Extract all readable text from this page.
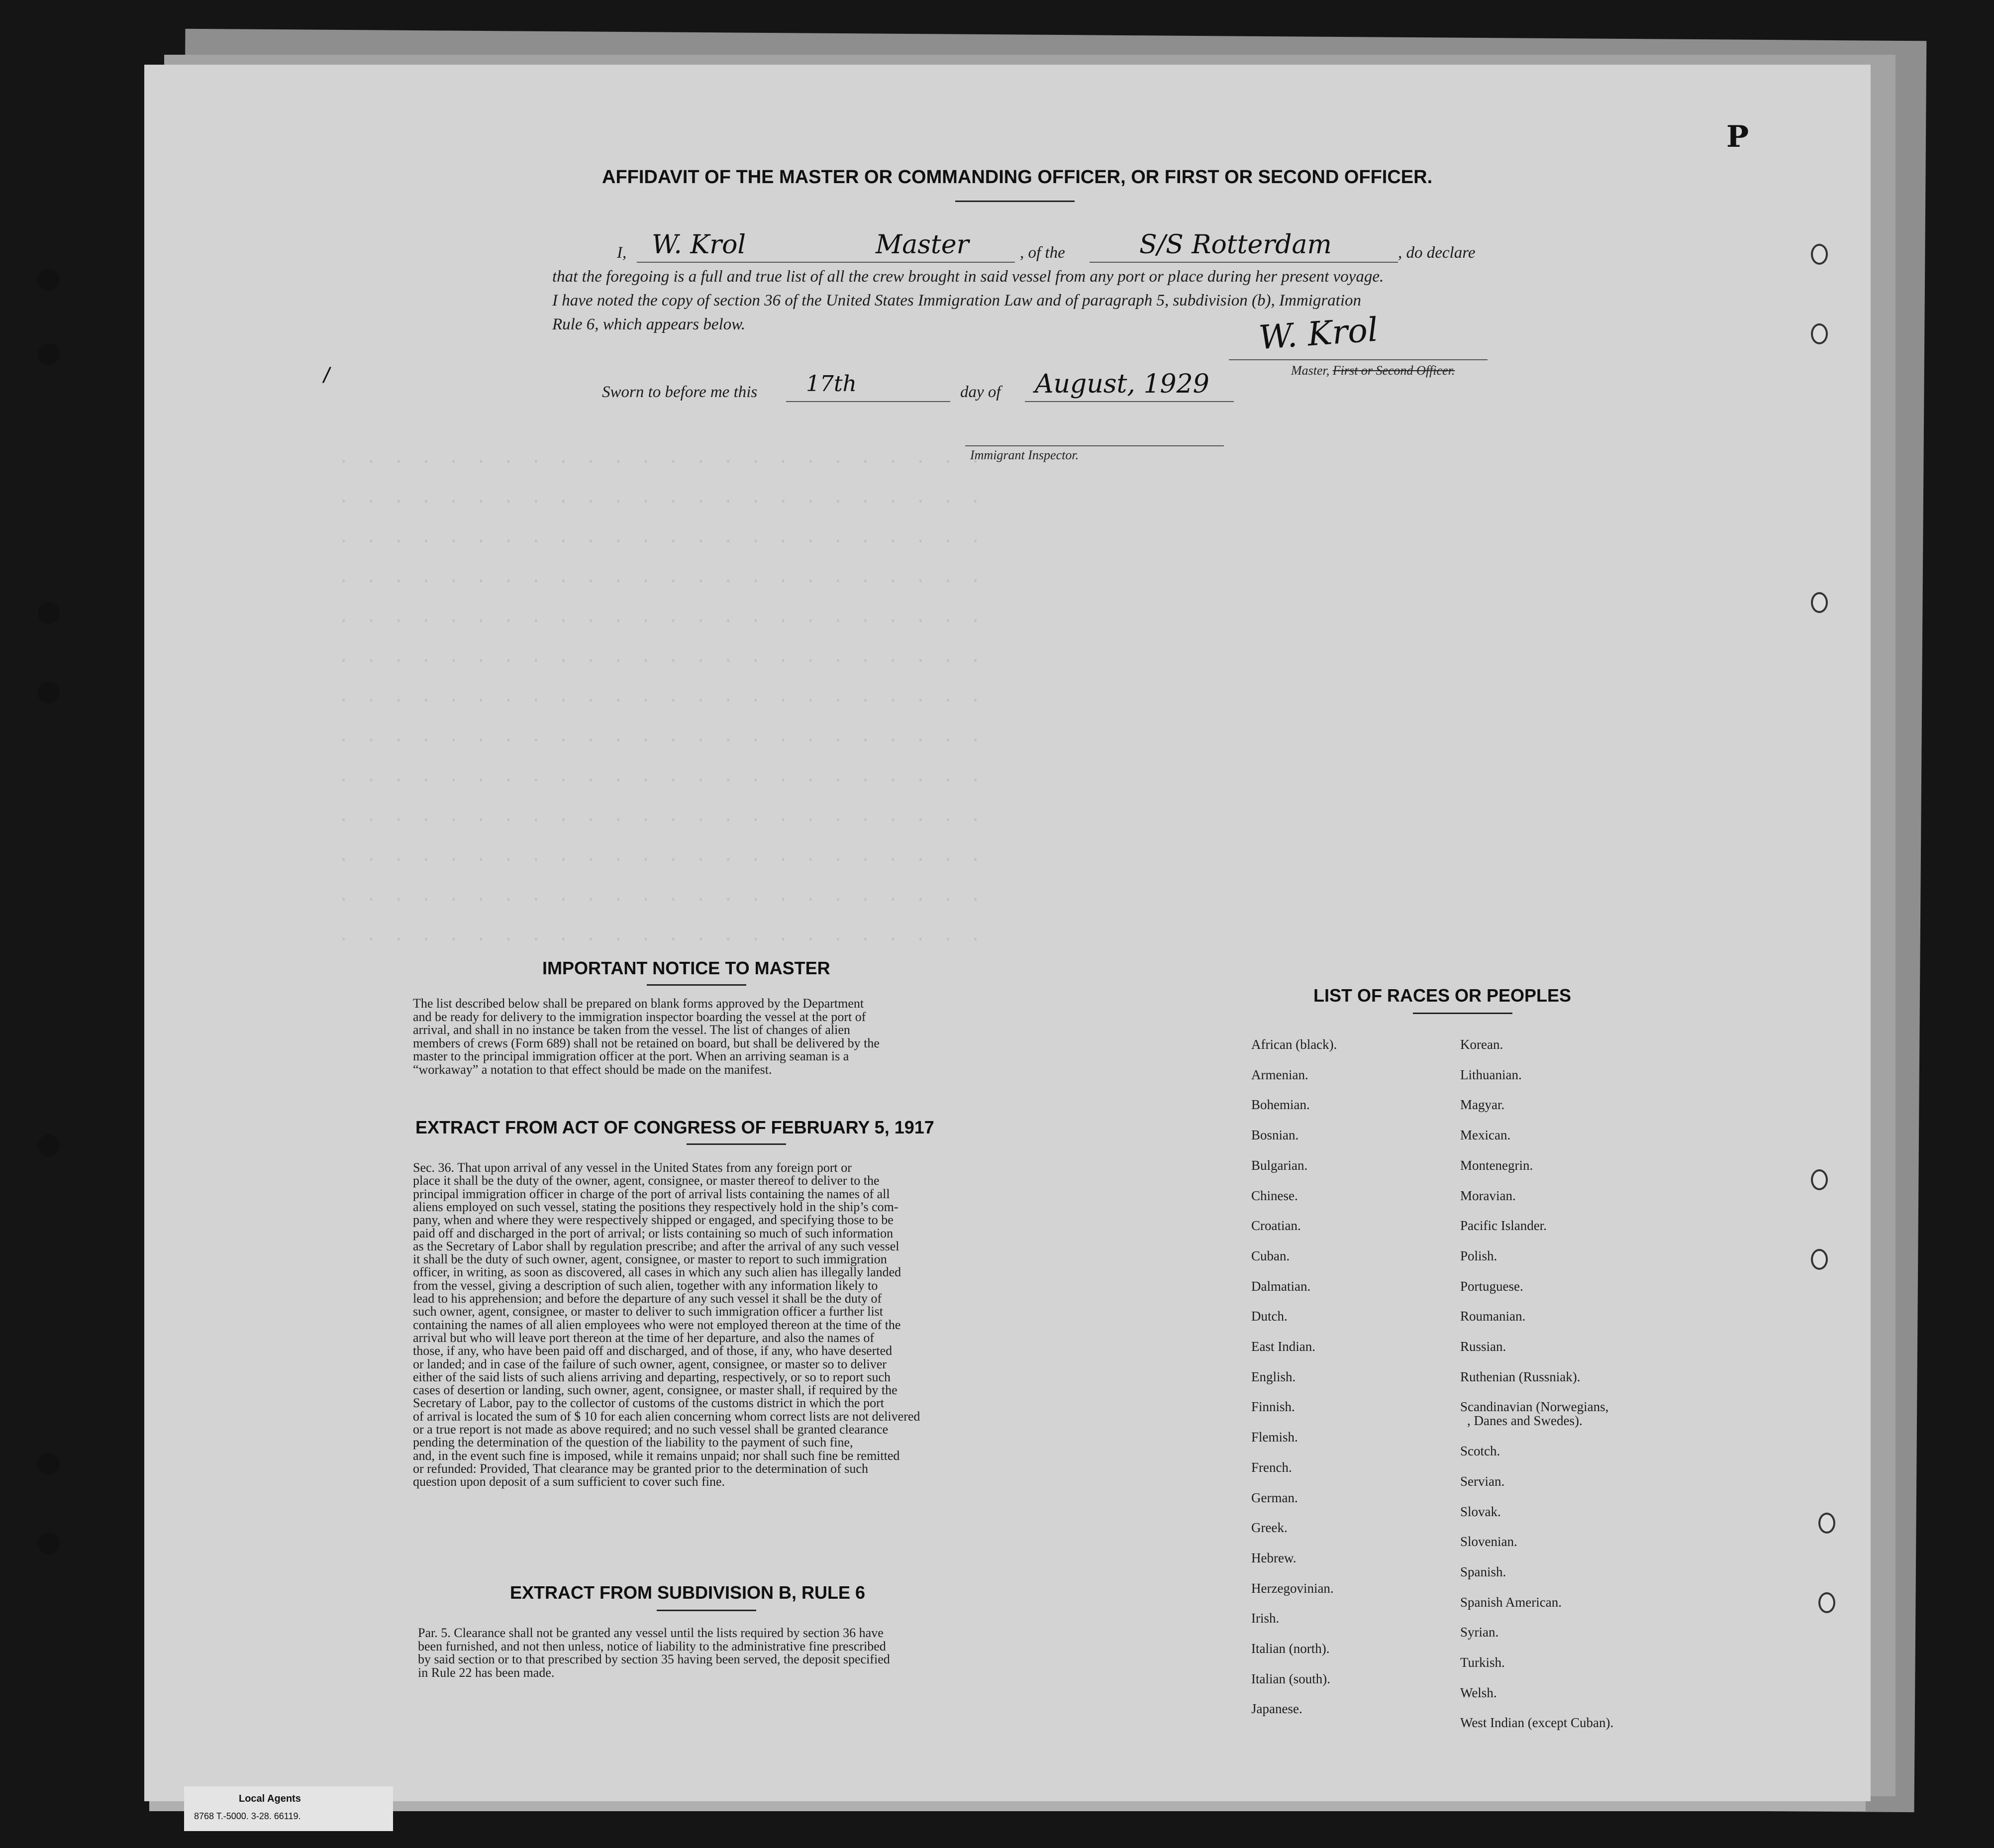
. . . . . . . . . . . . . . . . . . . . . . . .
. . . . . . . . . . . . . . . . . . . . . . . .
. . . . . . . . . . . . . . . . . . . . . . . .
. . . . . . . . . . . . . . . . . . . . . . . .
. . . . . . . . . . . . . . . . . . . . . . . .
. . . . . . . . . . . . . . . . . . . . . . . .
. . . . . . . . . . . . . . . . . . . . . . . .
. . . . . . . . . . . . . . . . . . . . . . . .
. . . . . . . . . . . . . . . . . . . . . . . .
. . . . . . . . . . . . . . . . . . . . . . . .
. . . . . . . . . . . . . . . . . . . . . . . .
. . . . . . . . . . . . . . . . . . . . . . . .
. . . . . . . . . . . . . . . . . . . . . . . .
/
P
AFFIDAVIT OF THE MASTER OR COMMANDING OFFICER, OR FIRST OR SECOND OFFICER.
I, W. Krol	Master	, of the	S/S Rotterdam	, do declare
that the foregoing is a full and true list of all the crew brought in said vessel from any port or place during her present voyage.
I have noted the copy of section 36 of the United States Immigration Law and of paragraph 5, subdivision (b), Immigration
Rule 6, which appears below.	W. Krol
Master, First or Second Officer.
Sworn to before me this 17th	day of August, 1929
Immigrant Inspector.
IMPORTANT NOTICE TO MASTER
The list described below shall be prepared on blank forms approved by the Department
and be ready for delivery to the immigration inspector boarding the vessel at the port of
arrival, and shall in no instance be taken from the vessel. The list of changes of alien
members of crews (Form 689) shall not be retained on board, but shall be delivered by the
master to the principal immigration officer at the port. When an arriving seaman is a
“workaway” a notation to that effect should be made on the manifest.
EXTRACT FROM ACT OF CONGRESS OF FEBRUARY 5, 1917
Sec. 36. That upon arrival of any vessel in the United States from any foreign port or
place it shall be the duty of the owner, agent, consignee, or master thereof to deliver to the
principal immigration officer in charge of the port of arrival lists containing the names of all
aliens employed on such vessel, stating the positions they respectively hold in the ship’s com-
pany, when and where they were respectively shipped or engaged, and specifying those to be
paid off and discharged in the port of arrival; or lists containing so much of such information
as the Secretary of Labor shall by regulation prescribe; and after the arrival of any such vessel
it shall be the duty of such owner, agent, consignee, or master to report to such immigration
officer, in writing, as soon as discovered, all cases in which any such alien has illegally landed
from the vessel, giving a description of such alien, together with any information likely to
lead to his apprehension; and before the departure of any such vessel it shall be the duty of
such owner, agent, consignee, or master to deliver to such immigration officer a further list
containing the names of all alien employees who were not employed thereon at the time of the
arrival but who will leave port thereon at the time of her departure, and also the names of
those, if any, who have been paid off and discharged, and of those, if any, who have deserted
or landed; and in case of the failure of such owner, agent, consignee, or master so to deliver
either of the said lists of such aliens arriving and departing, respectively, or so to report such
cases of desertion or landing, such owner, agent, consignee, or master shall, if required by the
Secretary of Labor, pay to the collector of customs of the customs district in which the port
of arrival is located the sum of $ 10 for each alien concerning whom correct lists are not delivered
or a true report is not made as above required; and no such vessel shall be granted clearance
pending the determination of the question of the liability to the payment of such fine,
and, in the event such fine is imposed, while it remains unpaid; nor shall such fine be remitted
or refunded: Provided, That clearance may be granted prior to the determination of such
question upon deposit of a sum sufficient to cover such fine.
EXTRACT FROM SUBDIVISION B, RULE 6
Par. 5. Clearance shall not be granted any vessel until the lists required by section 36 have
been furnished, and not then unless, notice of liability to the administrative fine prescribed
by said section or to that prescribed by section 35 having been served, the deposit specified
in Rule 22 has been made.
LIST OF RACES OR PEOPLES
African (black).
Armenian.
Bohemian.
Bosnian.
Bulgarian.
Chinese.
Croatian.
Cuban.
Dalmatian.
Dutch.
East Indian.
English.
Finnish.
Flemish.
French.
German.
Greek.
Hebrew.
Herzegovinian.
Irish.
Italian (north).
Italian (south).
Japanese.
Korean.
Lithuanian.
Magyar.
Mexican.
Montenegrin.
Moravian.
Pacific Islander.
Polish.
Portuguese.
Roumanian.
Russian.
Ruthenian (Russniak).
Scandinavian (Norwegians,
, Danes and Swedes).
Scotch.
Servian.
Slovak.
Slovenian.
Spanish.
Spanish American.
Syrian.
Turkish.
Welsh.
West Indian (except Cuban).
Local Agents
8768 T.-5000. 3-28. 66119.
